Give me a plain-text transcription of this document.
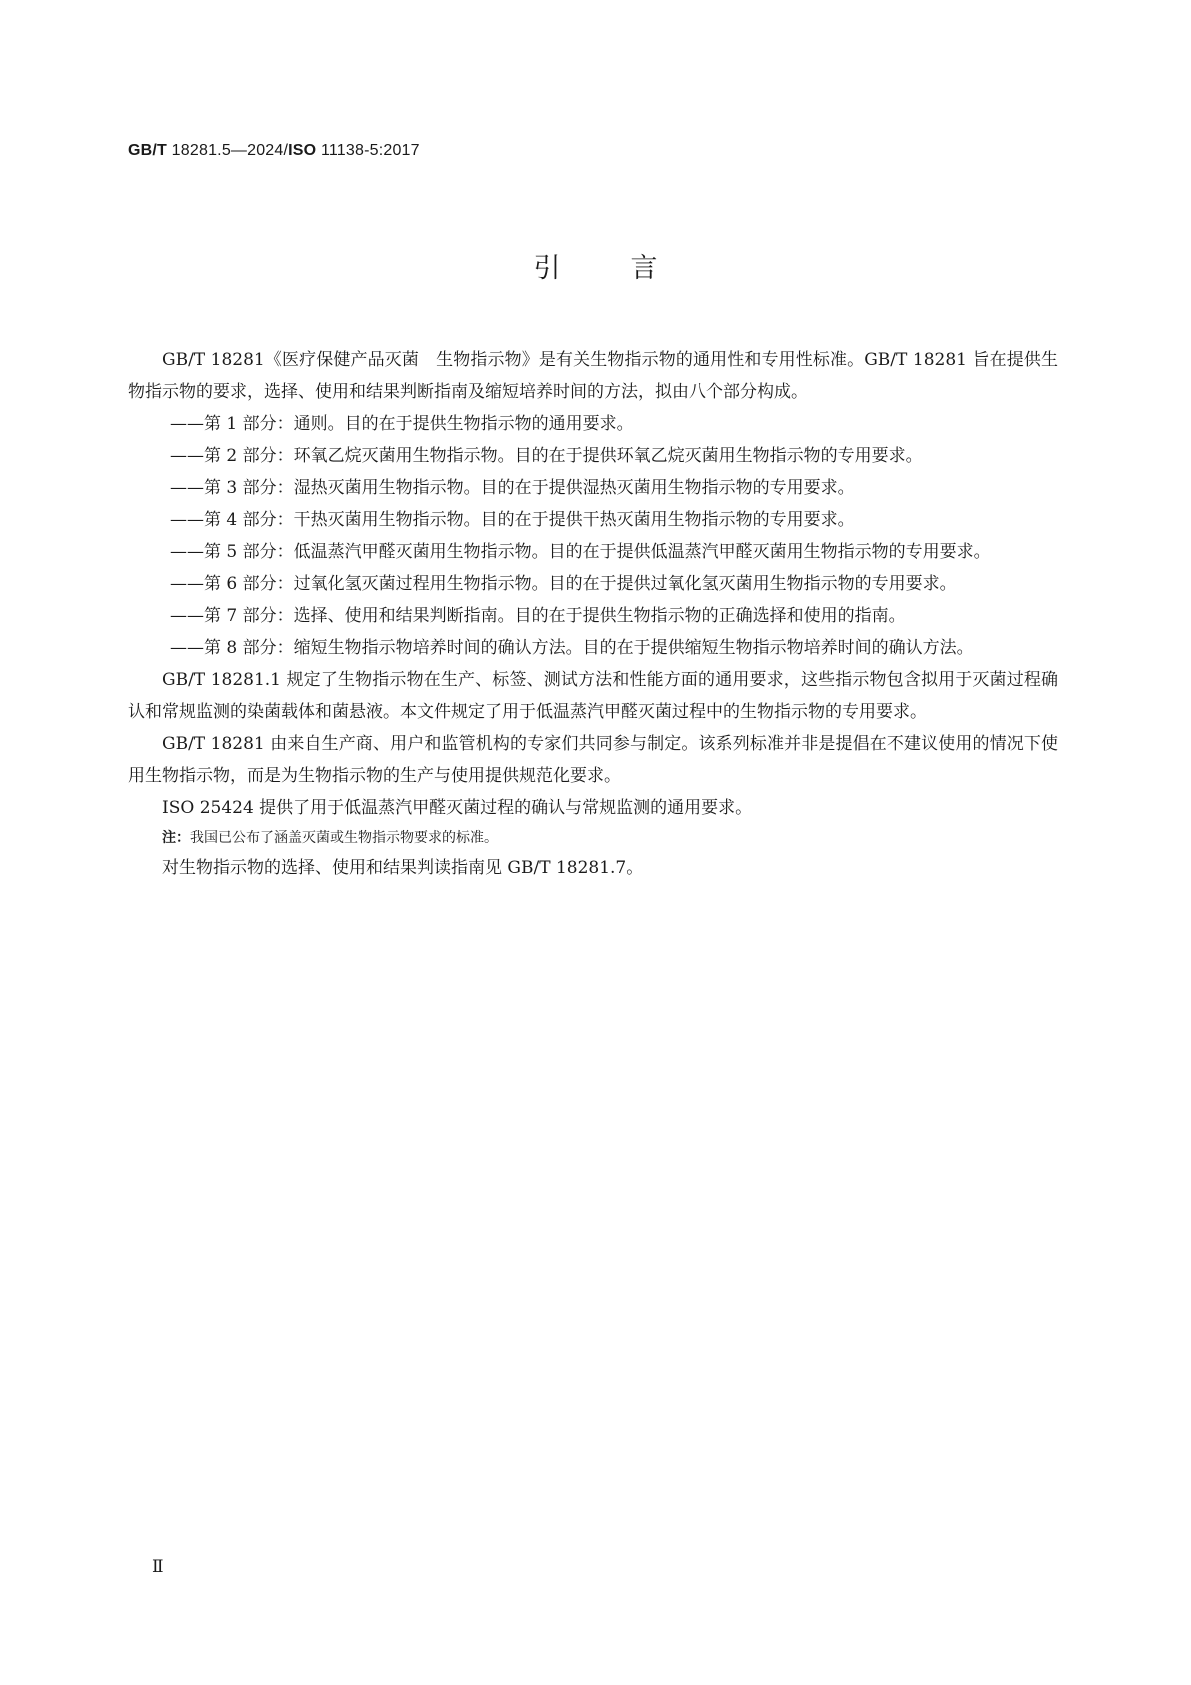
GB/T 18281.5—2024/ISO 11138-5:2017
引言

GB/T 18281《医疗保健产品灭菌　生物指示物》是有关生物指示物的通用性和专用性标准。GB/T 18281 旨在提供生物指示物的要求，选择、使用和结果判断指南及缩短培养时间的方法，拟由八个部分构成。

——第 1 部分：通则。目的在于提供生物指示物的通用要求。

——第 2 部分：环氧乙烷灭菌用生物指示物。目的在于提供环氧乙烷灭菌用生物指示物的专用要求。

——第 3 部分：湿热灭菌用生物指示物。目的在于提供湿热灭菌用生物指示物的专用要求。

——第 4 部分：干热灭菌用生物指示物。目的在于提供干热灭菌用生物指示物的专用要求。

——第 5 部分：低温蒸汽甲醛灭菌用生物指示物。目的在于提供低温蒸汽甲醛灭菌用生物指示物的专用要求。

——第 6 部分：过氧化氢灭菌过程用生物指示物。目的在于提供过氧化氢灭菌用生物指示物的专用要求。

——第 7 部分：选择、使用和结果判断指南。目的在于提供生物指示物的正确选择和使用的指南。

——第 8 部分：缩短生物指示物培养时间的确认方法。目的在于提供缩短生物指示物培养时间的确认方法。

GB/T 18281.1 规定了生物指示物在生产、标签、测试方法和性能方面的通用要求，这些指示物包含拟用于灭菌过程确认和常规监测的染菌载体和菌悬液。本文件规定了用于低温蒸汽甲醛灭菌过程中的生物指示物的专用要求。

GB/T 18281 由来自生产商、用户和监管机构的专家们共同参与制定。该系列标准并非是提倡在不建议使用的情况下使用生物指示物，而是为生物指示物的生产与使用提供规范化要求。

ISO 25424 提供了用于低温蒸汽甲醛灭菌过程的确认与常规监测的通用要求。

注：我国已公布了涵盖灭菌或生物指示物要求的标准。

对生物指示物的选择、使用和结果判读指南见 GB/T 18281.7。

Ⅱ
